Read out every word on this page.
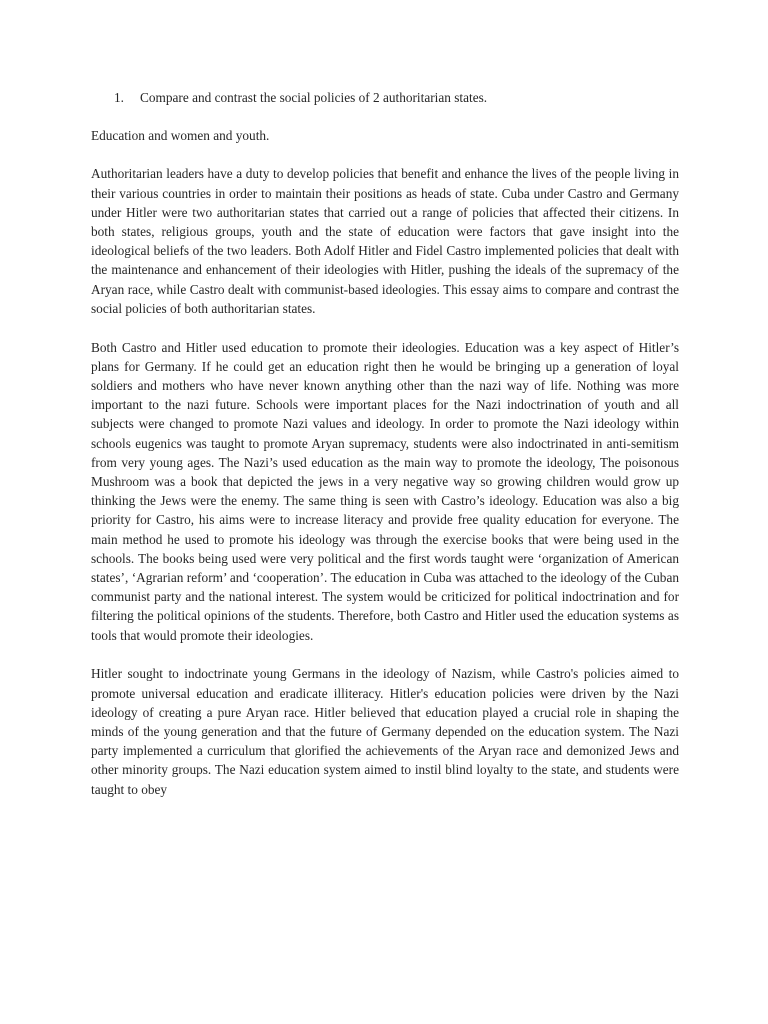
1.	Compare and contrast the social policies of 2 authoritarian states.
Education and women and youth.

Authoritarian leaders have a duty to develop policies that benefit and enhance the lives of the people living in their various countries in order to maintain their positions as heads of state. Cuba under Castro and Germany under Hitler were two authoritarian states that carried out a range of policies that affected their citizens. In both states, religious groups, youth and the state of education were factors that gave insight into the ideological beliefs of the two leaders. Both Adolf Hitler and Fidel Castro implemented policies that dealt with the maintenance and enhancement of their ideologies with Hitler, pushing the ideals of the supremacy of the Aryan race, while Castro dealt with communist-based ideologies. This essay aims to compare and contrast the social policies of both authoritarian states.

Both Castro and Hitler used education to promote their ideologies. Education was a key aspect of Hitler’s plans for Germany. If he could get an education right then he would be bringing up a generation of loyal soldiers and mothers who have never known anything other than the nazi way of life. Nothing was more important to the nazi future. Schools were important places for the Nazi indoctrination of youth and all subjects were changed to promote Nazi values and ideology. In order to promote the Nazi ideology within schools eugenics was taught to promote Aryan supremacy, students were also indoctrinated in anti-semitism from very young ages. The Nazi’s used education as the main way to promote the ideology, The poisonous Mushroom was a book that depicted the jews in a very negative way so growing children would grow up thinking the Jews were the enemy. The same thing is seen with Castro’s ideology. Education was also a big priority for Castro, his aims were to increase literacy and provide free quality education for everyone. The main method he used to promote his ideology was through the exercise books that were being used in the schools. The books being used were very political and the first words taught were ‘organization of American states’, ‘Agrarian reform’ and ‘cooperation’. The education in Cuba was attached to the ideology of the Cuban communist party and the national interest. The system would be criticized for political indoctrination and for filtering the political opinions of the students. Therefore, both Castro and Hitler used the education systems as tools that would promote their ideologies.

Hitler sought to indoctrinate young Germans in the ideology of Nazism, while Castro's policies aimed to promote universal education and eradicate illiteracy. Hitler's education policies were driven by the Nazi ideology of creating a pure Aryan race. Hitler believed that education played a crucial role in shaping the minds of the young generation and that the future of Germany depended on the education system. The Nazi party implemented a curriculum that glorified the achievements of the Aryan race and demonized Jews and other minority groups. The Nazi education system aimed to instil blind loyalty to the state, and students were taught to obey
